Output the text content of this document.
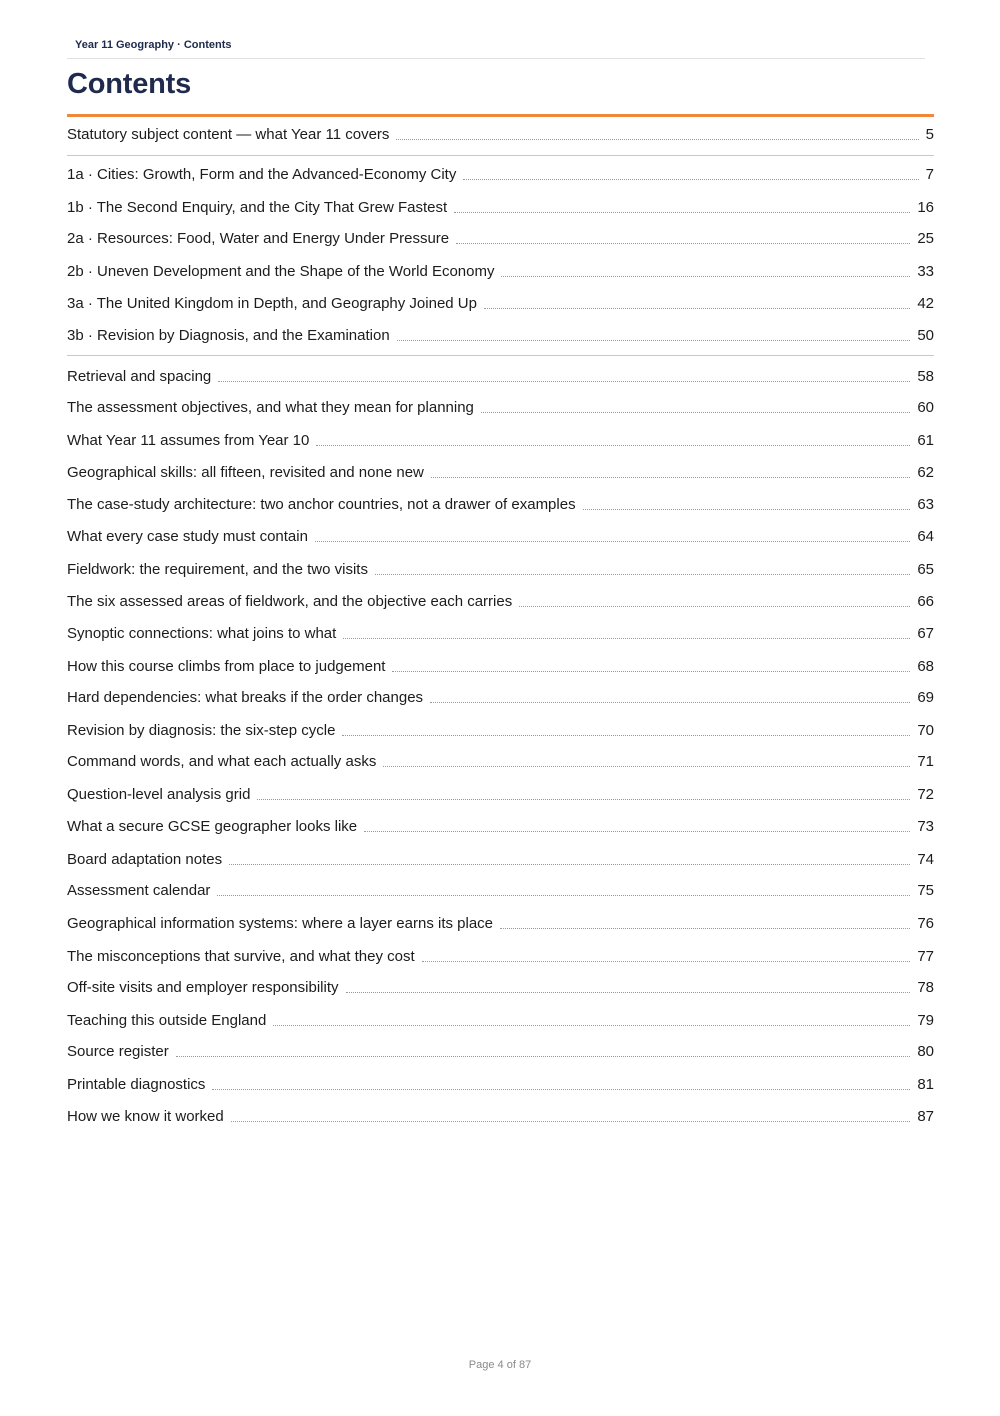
Year 11 Geography · Contents
Contents
Statutory subject content — what Year 11 covers	5
1a · Cities: Growth, Form and the Advanced-Economy City	7
1b · The Second Enquiry, and the City That Grew Fastest	16
2a · Resources: Food, Water and Energy Under Pressure	25
2b · Uneven Development and the Shape of the World Economy	33
3a · The United Kingdom in Depth, and Geography Joined Up	42
3b · Revision by Diagnosis, and the Examination	50
Retrieval and spacing	58
The assessment objectives, and what they mean for planning	60
What Year 11 assumes from Year 10	61
Geographical skills: all fifteen, revisited and none new	62
The case-study architecture: two anchor countries, not a drawer of examples	63
What every case study must contain	64
Fieldwork: the requirement, and the two visits	65
The six assessed areas of fieldwork, and the objective each carries	66
Synoptic connections: what joins to what	67
How this course climbs from place to judgement	68
Hard dependencies: what breaks if the order changes	69
Revision by diagnosis: the six-step cycle	70
Command words, and what each actually asks	71
Question-level analysis grid	72
What a secure GCSE geographer looks like	73
Board adaptation notes	74
Assessment calendar	75
Geographical information systems: where a layer earns its place	76
The misconceptions that survive, and what they cost	77
Off-site visits and employer responsibility	78
Teaching this outside England	79
Source register	80
Printable diagnostics	81
How we know it worked	87
Page 4 of 87
